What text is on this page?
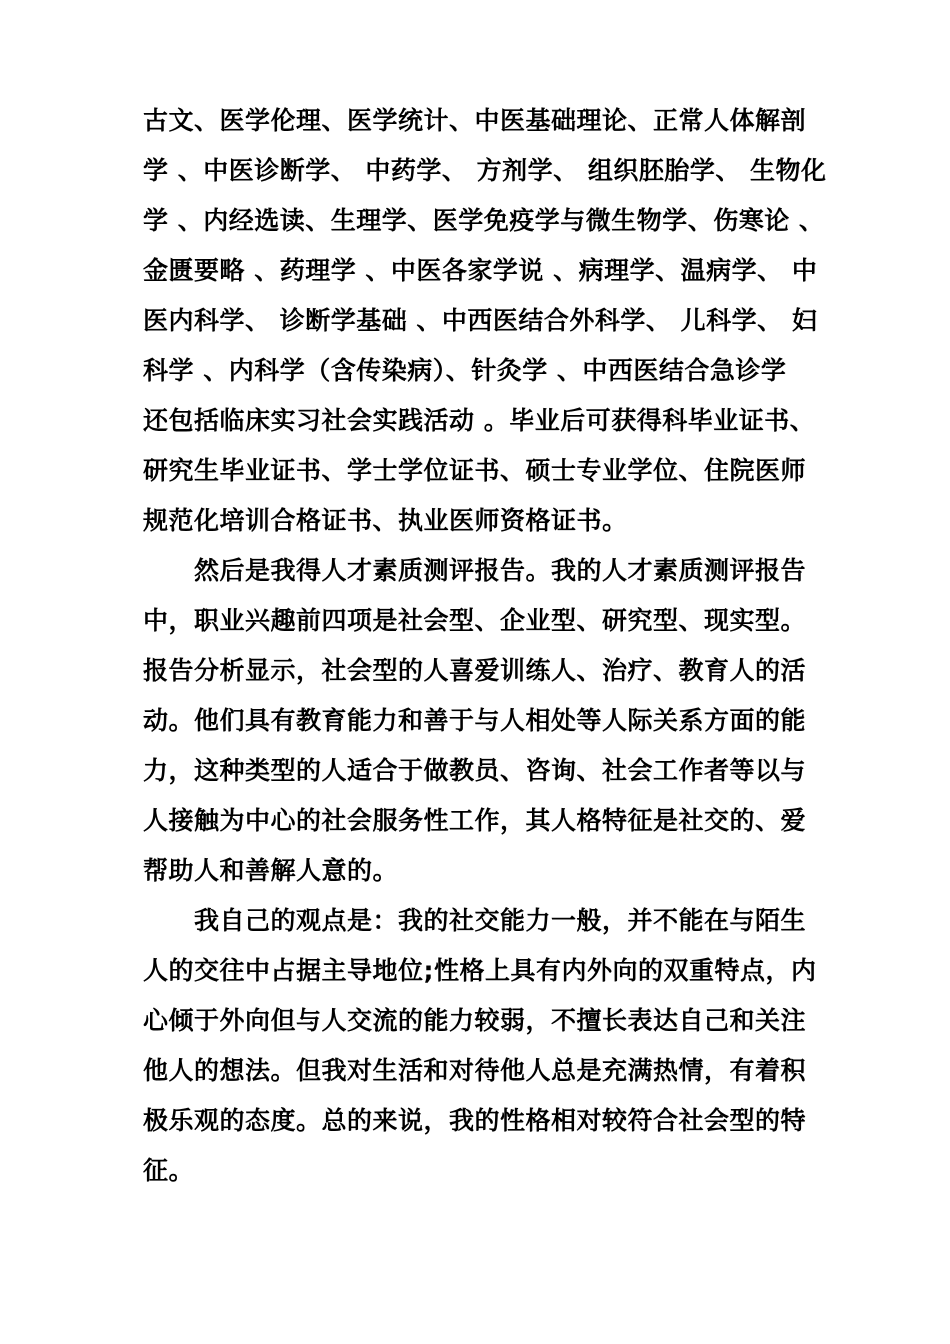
古文、医学伦理、医学统计、中医基础理论、正常人体解剖
学 、中医诊断学、 中药学、 方剂学、 组织胚胎学、 生物化
学 、内经选读、生理学、医学免疫学与微生物学、伤寒论 、
金匮要略 、药理学 、中医各家学说 、病理学、温病学、 中
医内科学、 诊断学基础 、中西医结合外科学、 儿科学、 妇
科学 、内科学（含传染病）、针灸学 、中西医结合急诊学
还包括临床实习社会实践活动 。毕业后可获得科毕业证书、
研究生毕业证书、学士学位证书、硕士专业学位、住院医师
规范化培训合格证书、执业医师资格证书。
　　然后是我得人才素质测评报告。我的人才素质测评报告
中，职业兴趣前四项是社会型、企业型、研究型、现实型。
报告分析显示，社会型的人喜爱训练人、治疗、教育人的活
动。他们具有教育能力和善于与人相处等人际关系方面的能
力，这种类型的人适合于做教员、咨询、社会工作者等以与
人接触为中心的社会服务性工作，其人格特征是社交的、爱
帮助人和善解人意的。
　　我自己的观点是：我的社交能力一般，并不能在与陌生
人的交往中占据主导地位;性格上具有内外向的双重特点，内
心倾于外向但与人交流的能力较弱，不擅长表达自己和关注
他人的想法。但我对生活和对待他人总是充满热情，有着积
极乐观的态度。总的来说，我的性格相对较符合社会型的特
征。
